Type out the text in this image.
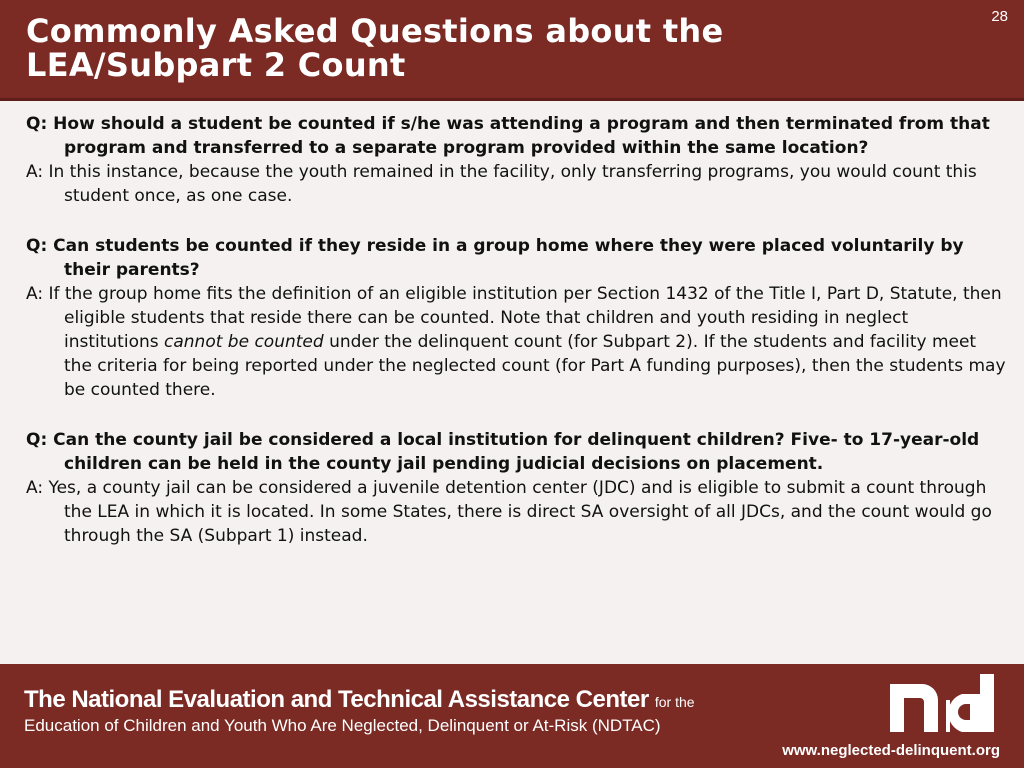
Commonly Asked Questions about the
LEA/Subpart 2 Count
28

Q: How should a student be counted if s/he was attending a program and then terminated from that program and transferred to a separate program provided within the same location?

A: In this instance, because the youth remained in the facility, only transferring programs, you would count this student once, as one case.

Q: Can students be counted if they reside in a group home where they were placed voluntarily by their parents?

A: If the group home fits the definition of an eligible institution per Section 1432 of the Title I, Part D, Statute, then eligible students that reside there can be counted. Note that children and youth residing in neglect institutions cannot be counted under the delinquent count (for Subpart 2). If the students and facility meet the criteria for being reported under the neglected count (for Part A funding purposes), then the students may be counted there.

Q: Can the county jail be considered a local institution for delinquent children? Five- to 17-year-old children can be held in the county jail pending judicial decisions on placement.

A: Yes, a county jail can be considered a juvenile detention center (JDC) and is eligible to submit a count through the LEA in which it is located. In some States, there is direct SA oversight of all JDCs, and the count would go through the SA (Subpart 1) instead.

The National Evaluation and Technical Assistance Center for the
Education of Children and Youth Who Are Neglected, Delinquent or At-Risk (NDTAC)
www.neglected-delinquent.org
